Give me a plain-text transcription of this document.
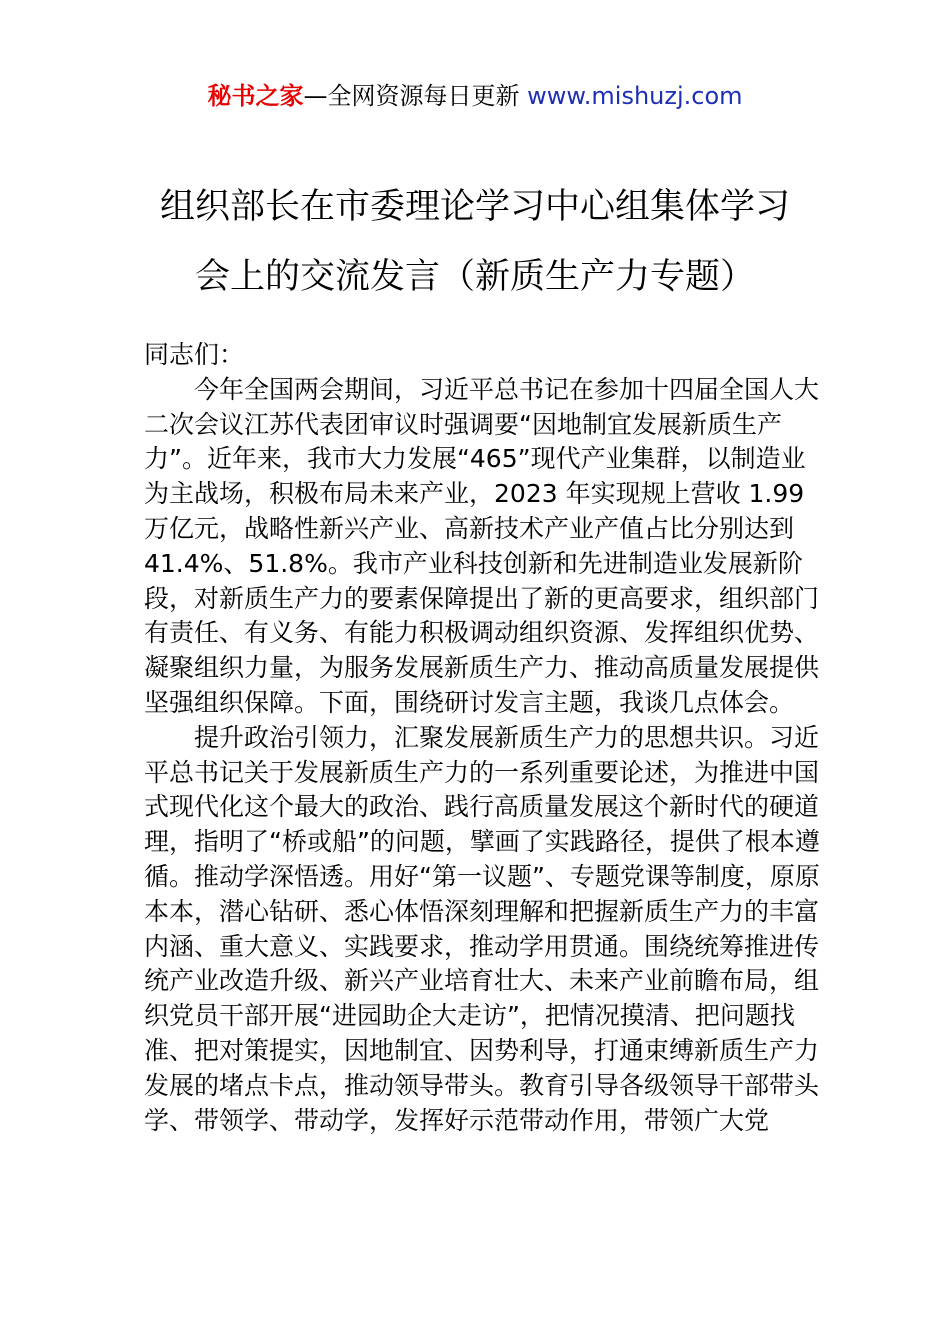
秘书之家—全网资源每日更新 www.mishuzj.com
组织部长在市委理论学习中心组集体学习
会上的交流发言（新质生产力专题）

同志们：

今年全国两会期间，习近平总书记在参加十四届全国人大二次会议江苏代表团审议时强调要“因地制宜发展新质生产力”。近年来，我市大力发展“465”现代产业集群，以制造业为主战场，积极布局未来产业，2023 年实现规上营收 1.99 万亿元，战略性新兴产业、高新技术产业产值占比分别达到 41.4%、51.8%。我市产业科技创新和先进制造业发展新阶段，对新质生产力的要素保障提出了新的更高要求，组织部门有责任、有义务、有能力积极调动组织资源、发挥组织优势、凝聚组织力量，为服务发展新质生产力、推动高质量发展提供坚强组织保障。下面，围绕研讨发言主题，我谈几点体会。

提升政治引领力，汇聚发展新质生产力的思想共识。习近平总书记关于发展新质生产力的一系列重要论述，为推进中国式现代化这个最大的政治、践行高质量发展这个新时代的硬道理，指明了“桥或船”的问题，擘画了实践路径，提供了根本遵循。推动学深悟透。用好“第一议题”、专题党课等制度，原原本本，潜心钻研、悉心体悟深刻理解和把握新质生产力的丰富内涵、重大意义、实践要求，推动学用贯通。围绕统筹推进传统产业改造升级、新兴产业培育壮大、未来产业前瞻布局，组织党员干部开展“进园助企大走访”，把情况摸清、把问题找准、把对策提实，因地制宜、因势利导，打通束缚新质生产力发展的堵点卡点，推动领导带头。教育引导各级领导干部带头学、带领学、带动学，发挥好示范带动作用，带领广大党
